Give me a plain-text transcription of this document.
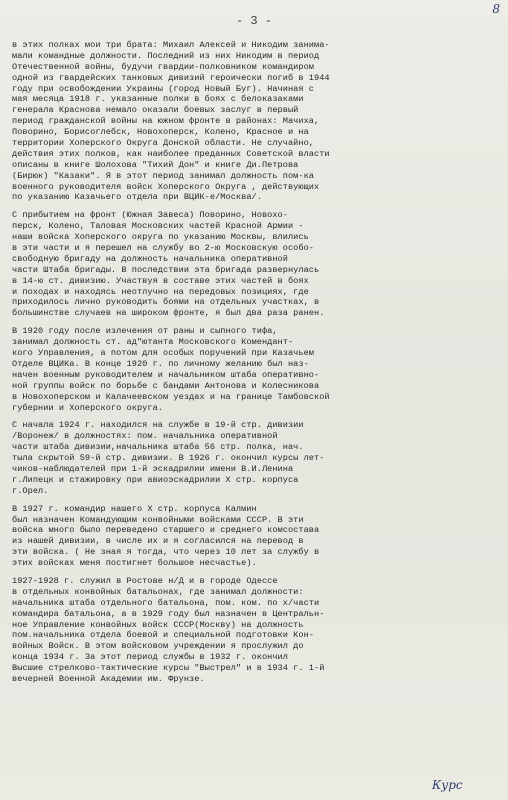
8
- 3 -
в этих полках мои три брата: Михаил Алексей и Никодим занима-
мали командные должности. Последний из них Никодим в период
Отечественной войны, будучи гвардии-полковником командиром
одной из гвардейских танковых дивизий героически погиб в 1944
году при освобождении Украины (город Новый Буг). Начиная с
мая месяца 1918 г. указанные полки в боях с белоказаками
генерала Краснова немало оказали боевых заслуг в первый
период гражданской войны на южном фронте в районах: Мачиха,
Поворино, Борисоглебск, Новохоперск, Колено, Красное и на
территории Хоперского Округа Донской области. Не случайно,
действия этих полков, как наиболее преданных Советской власти
описаны в книге Шолохова "Тихий Дон" и книге Ди.Петрова
(Бирюк) "Казаки". Я в этот период занимал должность пом-ка
военного руководителя войск Хоперского Округа , действующих
по указанию Казачьего отдела при ВЦИК-е/Москва/.
С прибытием на фронт (Южная Завеса) Поворино, Новохо-
перск, Колено, Таловая Московских частей Красной Армии -
наши войска Хоперского округа по указанию Москвы, влились
в эти части и я перешел на службу во 2-ю Московскую особо-
свободную бригаду на должность начальника оперативной
части Штаба бригады. В последствии эта бригада развернулась
в 14-ю ст. дивизию. Участвуя в составе этих частей в боях
и походах и находясь неотлучно на передовых позициях, где
приходилось лично руководить боями на отдельных участках, в
большинстве случаев на широком фронте, я был два раза ранен.
В 1920 году после излечения от раны и сыпного тифа,
занимал должность ст. ад"ютанта Московского Комендант-
кого Управления, а потом для особых поручений при Казачьем
Отделе ВЦИКа. В конце 1920 г. по личному желанию был наз-
начен военным руководителем и начальником штаба оперативно-
ной группы войск по борьбе с бандами Антонова и Колесникова
в Новохоперском и Калачеевском уездах и на границе Тамбовской
губернии и Хоперского округа.
С начала 1924 г. находился на службе в 19-й стр. дивизии
/Воронеж/ в должностях: пом. начальника оперативной
части штаба дивизии,начальника штаба 56 стр. полка, нач.
тыла скрытой 59-й стр. дивизии. В 1926 г. окончил курсы лет-
чиков-наблюдателей при 1-й эскадрилии имени В.И.Ленина
г.Липецк и стажировку при авиоэскадрилии Х стр. корпуса
г.Орел.
В 1927 г. командир нашего Х стр. корпуса Калмин
был назначен Командующим конвойными войсками СССР. В эти
войска много было переведено старшего и среднего комсостава
из нашей дивизии, в числе их и я согласился на перевод в
эти войска. ( Не зная я тогда, что через 10 лет за службу в
этих войсках меня постигнет большое несчастье).
1927-1928 г. служил в Ростове н/Д и в городе Одессе
в отдельных конвойных батальонах, где занимал должности:
начальника штаба отдельного батальона, пом. ком. по х/части
командира батальона, а в 1929 году был назначен в Центральн-
ное Управление конвойных войск СССР(Москву) на должность
пом.начальника отдела боевой и специальной подготовки Кон-
войных Войск. В этом войсковом учреждении я прослужил до
конца 1934 г. За этот период службы в 1932 г. окончил
Высшие стрелково-тактические курсы "Выстрел" и в 1934 г. 1-й
вечерней Военной Академии им. Фрунзе.
Курс
